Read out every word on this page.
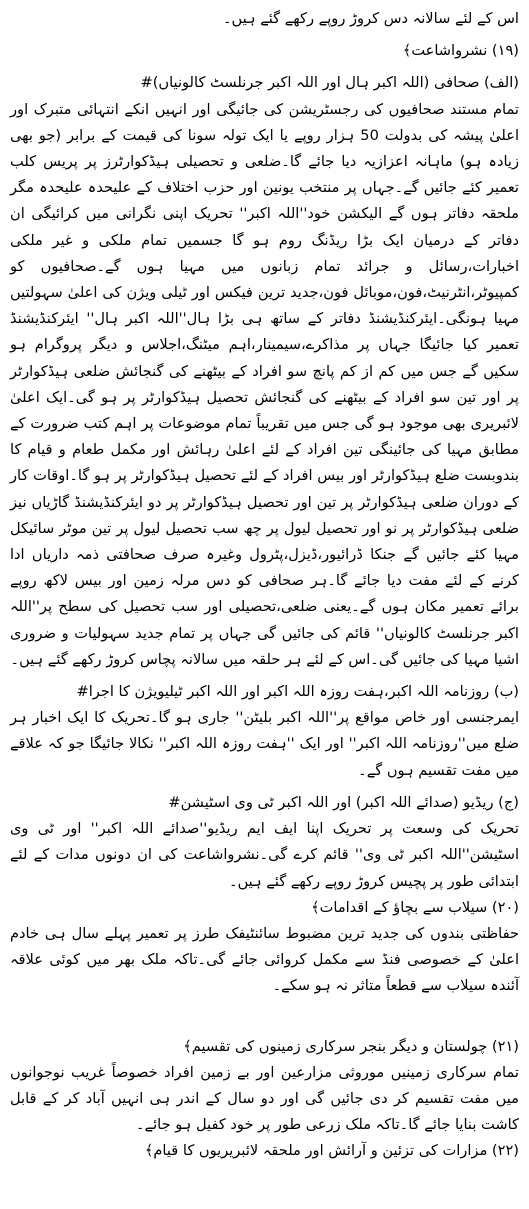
اس کے لئے سالانہ دس کروڑ روپے رکھے گئے ہیں۔

(۱۹) نشرواشاعت﴾

(الف) صحافی (اللہ اکبر ہال اور اللہ اکبر جرنلسٹ کالونیاں)#

تمام مستند صحافیوں کی رجسٹریشن کی جائیگی اور انہیں انکے انتہائی متبرک اور اعلیٰ پیشہ کی بدولت 50 ہزار روپے یا ایک تولہ سونا کی قیمت کے برابر (جو بھی زیادہ ہو) ماہانہ اعزازیہ دیا جائے گا۔ضلعی و تحصیلی ہیڈکوارٹرز پر پریس کلب تعمیر کئے جائیں گے۔جہاں پر منتخب یونین اور حزب اختلاف کے علیحدہ علیحدہ مگر ملحقہ دفاتر ہوں گے الیکشن خود''اللہ اکبر'' تحریک اپنی نگرانی میں کرائیگی ان دفاتر کے درمیان ایک بڑا ریڈنگ روم ہو گا جسمیں تمام ملکی و غیر ملکی اخبارات،رسائل و جرائد تمام زبانوں میں مہیا ہوں گے۔صحافیوں کو کمپیوٹر،انٹرنیٹ،فون،موبائل فون،جدید ترین فیکس اور ٹیلی ویژن کی اعلیٰ سہولتیں مہیا ہونگی۔ایئرکنڈیشنڈ دفاتر کے ساتھ ہی بڑا ہال''اللہ اکبر ہال'' ایئرکنڈیشنڈ تعمیر کیا جائیگا جہاں پر مذاکرے،سیمینار،اہم میٹنگ،اجلاس و دیگر پروگرام ہو سکیں گے جس میں کم از کم پانچ سو افراد کے بیٹھنے کی گنجائش ضلعی ہیڈکوارٹر پر اور تین سو افراد کے بیٹھنے کی گنجائش تحصیل ہیڈکوارٹر پر ہو گی۔ایک اعلیٰ لائبریری بھی موجود ہو گی جس میں تقریباً تمام موضوعات پر اہم کتب ضرورت کے مطابق مہیا کی جائینگی تین افراد کے لئے اعلیٰ رہائش اور مکمل طعام و قیام کا بندوبست ضلع ہیڈکوارٹر اور بیس افراد کے لئے تحصیل ہیڈکوارٹر پر ہو گا۔اوقات کار کے دوران ضلعی ہیڈکوارٹر پر تین اور تحصیل ہیڈکوارٹر پر دو ایئرکنڈیشنڈ گاڑیاں نیز ضلعی ہیڈکوارٹر پر نو اور تحصیل لیول پر چھ سب تحصیل لیول پر تین موٹر سائیکل مہیا کئے جائیں گے جنکا ڈرائیور،ڈیزل،پٹرول وغیرہ صرف صحافتی ذمہ داریاں ادا کرنے کے لئے مفت دیا جائے گا۔ہر صحافی کو دس مرلہ زمین اور بیس لاکھ روپے برائے تعمیر مکان ہوں گے۔یعنی ضلعی،تحصیلی اور سب تحصیل کی سطح پر''اللہ اکبر جرنلسٹ کالونیاں'' قائم کی جائیں گی جہاں پر تمام جدید سہولیات و ضروری اشیا مہیا کی جائیں گی۔اس کے لئے ہر حلقہ میں سالانہ پچاس کروڑ رکھے گئے ہیں۔

(ب) روزنامہ اللہ اکبر،ہفت روزہ اللہ اکبر اور اللہ اکبر ٹیلیویژن کا اجرا#

ایمرجنسی اور خاص مواقع پر''اللہ اکبر بلیٹن'' جاری ہو گا۔تحریک کا ایک اخبار ہر ضلع میں''روزنامہ اللہ اکبر'' اور ایک ''ہفت روزہ اللہ اکبر'' نکالا جائیگا جو کہ علاقے میں مفت تقسیم ہوں گے۔

(ج) ریڈیو (صدائے اللہ اکبر) اور اللہ اکبر ٹی وی اسٹیشن#

تحریک کی وسعت پر تحریک اپنا ایف ایم ریڈیو''صدائے اللہ اکبر'' اور ٹی وی اسٹیشن''اللہ اکبر ٹی وی'' قائم کرے گی۔نشرواشاعت کی ان دونوں مدات کے لئے ابتدائی طور پر پچیس کروڑ روپے رکھے گئے ہیں۔

(۲۰) سیلاب سے بچاؤ کے اقدامات﴾

حفاظتی بندوں کی جدید ترین مضبوط سائنٹیفک طرز پر تعمیر پہلے سال ہی خادم اعلیٰ کے خصوصی فنڈ سے مکمل کروائی جائے گی۔تاکہ ملک بھر میں کوئی علاقہ آئندہ سیلاب سے قطعاً متاثر نہ ہو سکے۔

(۲۱) چولستان و دیگر بنجر سرکاری زمینوں کی تقسیم﴾

تمام سرکاری زمینیں موروثی مزارعین اور بے زمین افراد خصوصاً غریب نوجوانوں میں مفت تقسیم کر دی جائیں گی اور دو سال کے اندر ہی انہیں آباد کر کے قابل کاشت بنایا جائے گا۔تاکہ ملک زرعی طور پر خود کفیل ہو جائے۔

(۲۲) مزارات کی تزئین و آرائش اور ملحقہ لائبریریوں کا قیام﴾
